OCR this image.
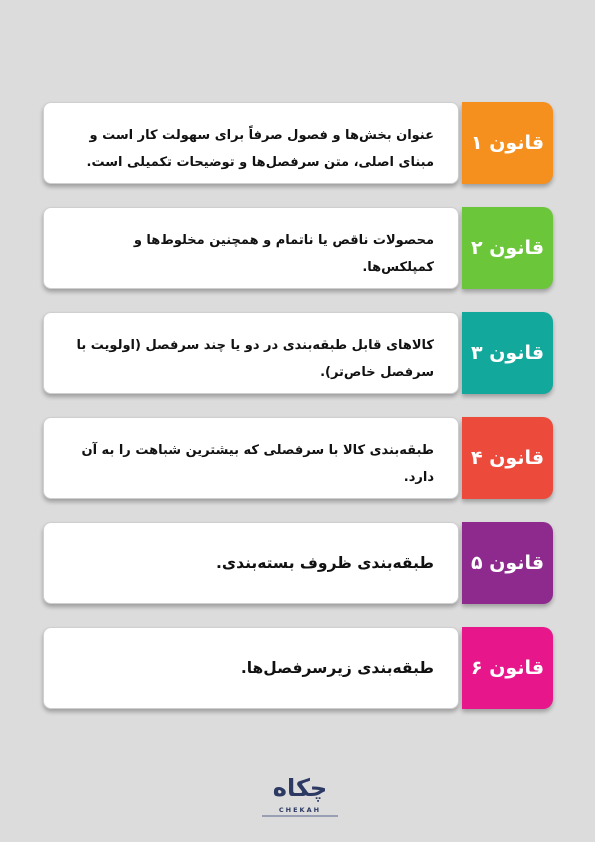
عنوان بخش‌ها و فصول صرفاً برای سهولت کار است و مبنای اصلی، متن سرفصل‌ها و توضیحات تکمیلی است.
قانون ۱
محصولات ناقص یا ناتمام و همچنین مخلوط‌ها و کمپلکس‌ها.
قانون ۲
کالاهای قابل طبقه‌بندی در دو یا چند سرفصل (اولویت با سرفصل خاص‌تر).
قانون ۳
طبقه‌بندی کالا با سرفصلی که بیشترین شباهت را به آن دارد.
قانون ۴
طبقه‌بندی ظروف بسته‌بندی. قانون ۵
طبقه‌بندی زیرسرفصل‌ها. قانون ۶
چکاه
CHEKAH
